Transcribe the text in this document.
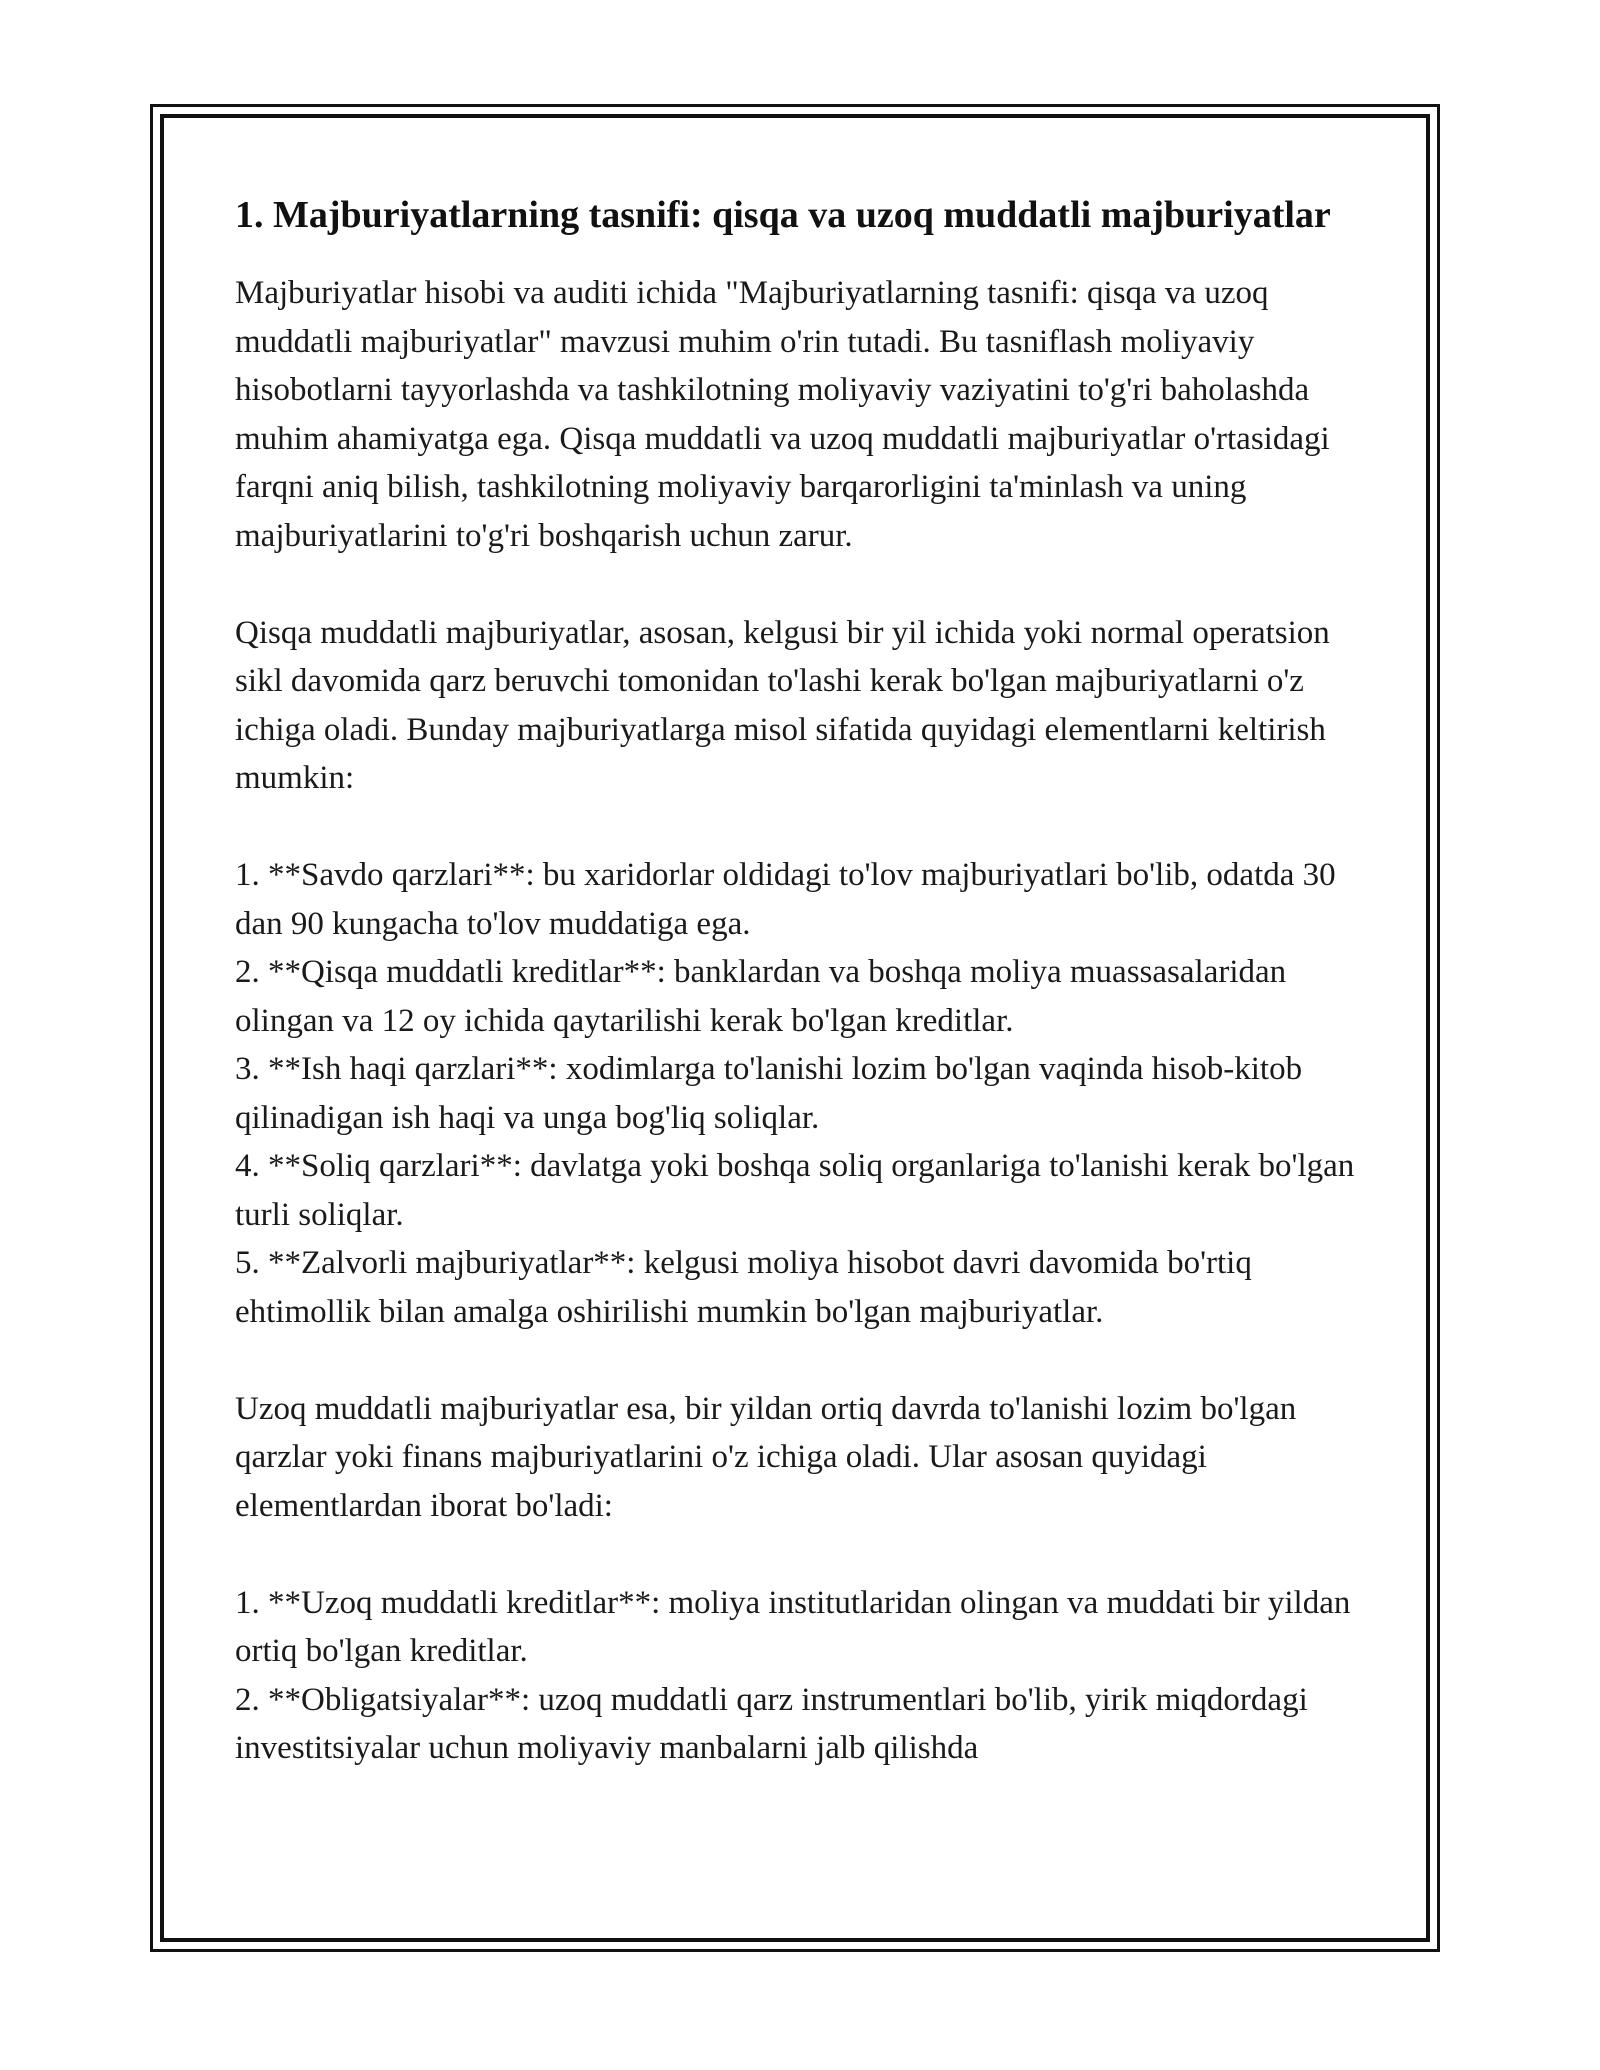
1. Majburiyatlarning tasnifi: qisqa va uzoq muddatli majburiyatlar

Majburiyatlar hisobi va auditi ichida "Majburiyatlarning tasnifi: qisqa va uzoq muddatli majburiyatlar" mavzusi muhim o'rin tutadi. Bu tasniflash moliyaviy hisobotlarni tayyorlashda va tashkilotning moliyaviy vaziyatini to'g'ri baholashda muhim ahamiyatga ega. Qisqa muddatli va uzoq muddatli majburiyatlar o'rtasidagi farqni aniq bilish, tashkilotning moliyaviy barqarorligini ta'minlash va uning majburiyatlarini to'g'ri boshqarish uchun zarur.

Qisqa muddatli majburiyatlar, asosan, kelgusi bir yil ichida yoki normal operatsion sikl davomida qarz beruvchi tomonidan to'lashi kerak bo'lgan majburiyatlarni o'z ichiga oladi. Bunday majburiyatlarga misol sifatida quyidagi elementlarni keltirish mumkin:

1. **Savdo qarzlari**: bu xaridorlar oldidagi to'lov majburiyatlari bo'lib, odatda 30 dan 90 kungacha to'lov muddatiga ega.

2. **Qisqa muddatli kreditlar**: banklardan va boshqa moliya muassasalaridan olingan va 12 oy ichida qaytarilishi kerak bo'lgan kreditlar.

3. **Ish haqi qarzlari**: xodimlarga to'lanishi lozim bo'lgan vaqinda hisob-kitob qilinadigan ish haqi va unga bog'liq soliqlar.

4. **Soliq qarzlari**: davlatga yoki boshqa soliq organlariga to'lanishi kerak bo'lgan turli soliqlar.

5. **Zalvorli majburiyatlar**: kelgusi moliya hisobot davri davomida bo'rtiq ehtimollik bilan amalga oshirilishi mumkin bo'lgan majburiyatlar.

Uzoq muddatli majburiyatlar esa, bir yildan ortiq davrda to'lanishi lozim bo'lgan qarzlar yoki finans majburiyatlarini o'z ichiga oladi. Ular asosan quyidagi elementlardan iborat bo'ladi:

1. **Uzoq muddatli kreditlar**: moliya institutlaridan olingan va muddati bir yildan ortiq bo'lgan kreditlar.

2. **Obligatsiyalar**: uzoq muddatli qarz instrumentlari bo'lib, yirik miqdordagi investitsiyalar uchun moliyaviy manbalarni jalb qilishda
